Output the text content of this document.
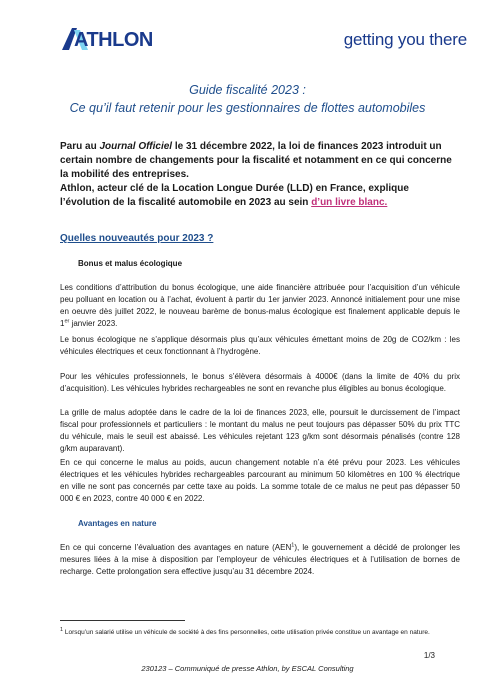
ATHLON	getting you there
Guide fiscalité 2023 :
Ce qu’il faut retenir pour les gestionnaires de flottes automobiles

Paru au Journal Officiel le 31 décembre 2022, la loi de finances 2023 introduit un certain nombre de changements pour la fiscalité et notamment en ce qui concerne la mobilité des entreprises.

Athlon, acteur clé de la Location Longue Durée (LLD) en France, explique l’évolution de la fiscalité automobile en 2023 au sein d’un livre blanc.

Quelles nouveautés pour 2023 ?
Bonus et malus écologique

Les conditions d’attribution du bonus écologique, une aide financière attribuée pour l’acquisition d’un véhicule peu polluant en location ou à l’achat, évoluent à partir du 1er janvier 2023. Annoncé initialement pour une mise en oeuvre dès juillet 2022, le nouveau barème de bonus-malus écologique est finalement applicable depuis le 1er janvier 2023.

Le bonus écologique ne s’applique désormais plus qu’aux véhicules émettant moins de 20g de CO2/km : les véhicules électriques et ceux fonctionnant à l’hydrogène.

Pour les véhicules professionnels, le bonus s’élèvera désormais à 4000€ (dans la limite de 40% du prix d’acquisition). Les véhicules hybrides rechargeables ne sont en revanche plus éligibles au bonus écologique.

La grille de malus adoptée dans le cadre de la loi de finances 2023, elle, poursuit le durcissement de l’impact fiscal pour professionnels et particuliers : le montant du malus ne peut toujours pas dépasser 50% du prix TTC du véhicule, mais le seuil est abaissé. Les véhicules rejetant 123 g/km sont désormais pénalisés (contre 128 g/km auparavant).

En ce qui concerne le malus au poids, aucun changement notable n’a été prévu pour 2023. Les véhicules électriques et les véhicules hybrides rechargeables parcourant au minimum 50 kilomètres en 100 % électrique en ville ne sont pas concernés par cette taxe au poids. La somme totale de ce malus ne peut pas dépasser 50 000 € en 2023, contre 40 000 € en 2022.

Avantages en nature

En ce qui concerne l’évaluation des avantages en nature (AEN$^1$), le gouvernement a décidé de prolonger les mesures liées à la mise à disposition par l’employeur de véhicules électriques et à l’utilisation de bornes de recharge. Cette prolongation sera effective jusqu’au 31 décembre 2024.

$^1$ Lorsqu’un salarié utilise un véhicule de société à des fins personnelles, cette utilisation privée constitue un avantage en nature.
1/3
230123 – Communiqué de presse Athlon, by ESCAL Consulting
